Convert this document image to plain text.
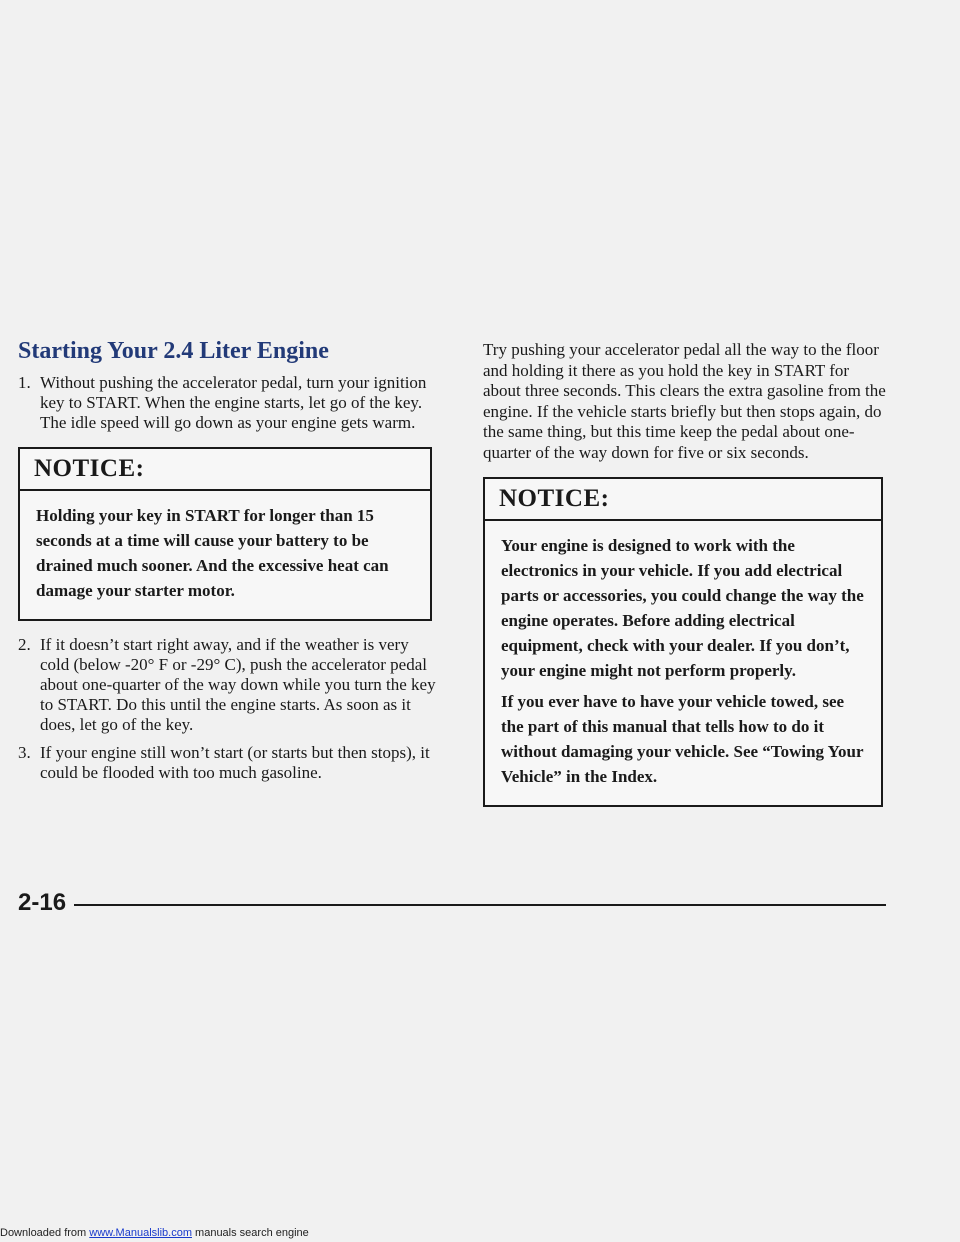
Starting Your 2.4 Liter Engine
1. Without pushing the accelerator pedal, turn your ignition key to START. When the engine starts, let go of the key. The idle speed will go down as your engine gets warm.
NOTICE:

Holding your key in START for longer than 15 seconds at a time will cause your battery to be drained much sooner. And the excessive heat can damage your starter motor.

2. If it doesn’t start right away, and if the weather is very cold (below -20° F or -29° C), push the accelerator pedal about one-quarter of the way down while you turn the key to START. Do this until the engine starts. As soon as it does, let go of the key.
3. If your engine still won’t start (or starts but then stops), it could be flooded with too much gasoline.

Try pushing your accelerator pedal all the way to the floor and holding it there as you hold the key in START for about three seconds. This clears the extra gasoline from the engine. If the vehicle starts briefly but then stops again, do the same thing, but this time keep the pedal about one-quarter of the way down for five or six seconds.

NOTICE:

Your engine is designed to work with the electronics in your vehicle. If you add electrical parts or accessories, you could change the way the engine operates. Before adding electrical equipment, check with your dealer. If you don’t, your engine might not perform properly.

If you ever have to have your vehicle towed, see the part of this manual that tells how to do it without damaging your vehicle. See “Towing Your Vehicle” in the Index.

2-16
Downloaded from www.Manualslib.com manuals search engine
